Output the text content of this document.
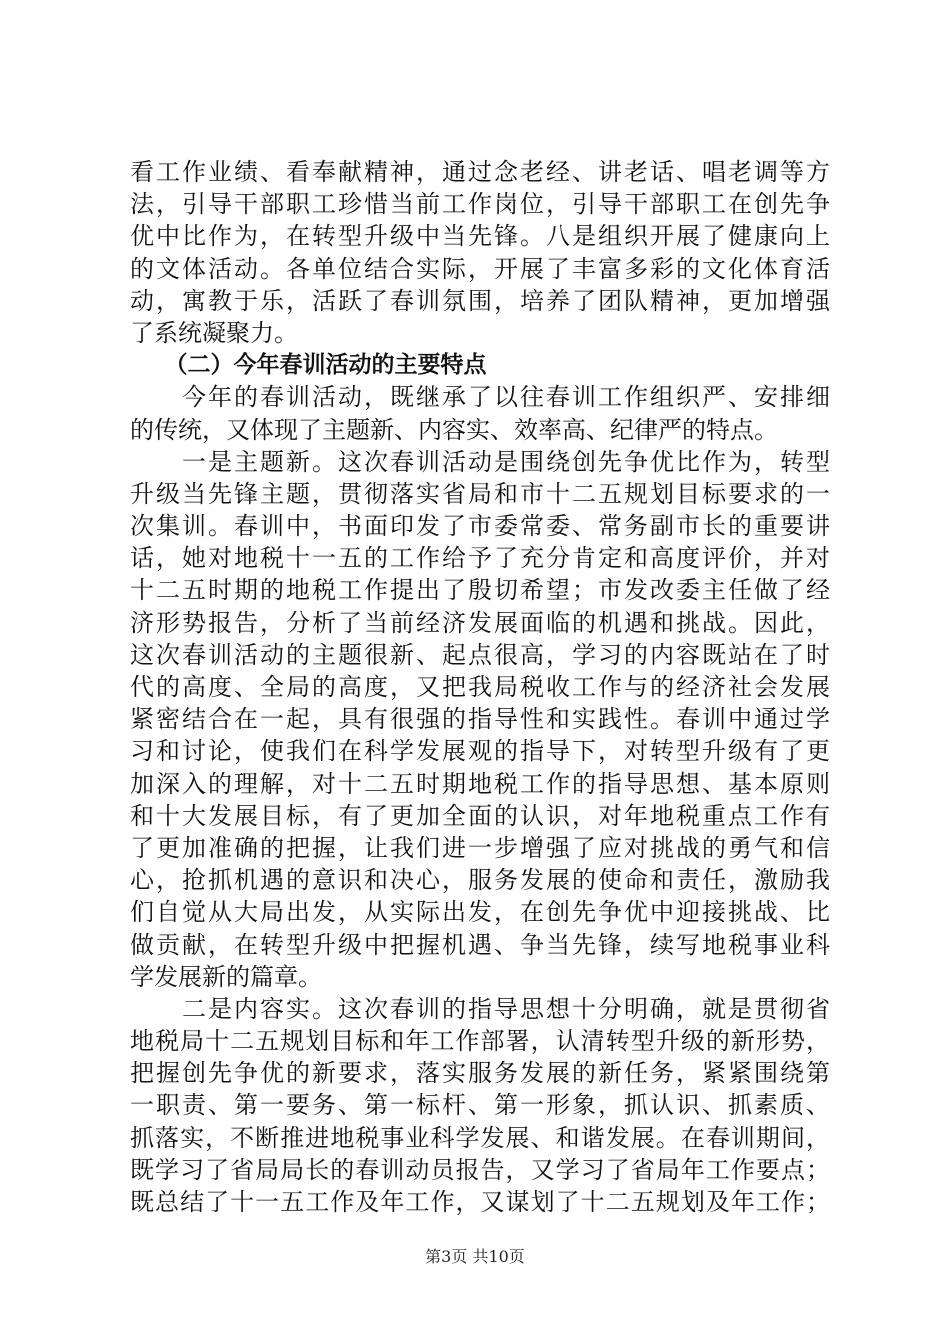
看工作业绩、看奉献精神，通过念老经、讲老话、唱老调等方
法，引导干部职工珍惜当前工作岗位，引导干部职工在创先争
优中比作为，在转型升级中当先锋。八是组织开展了健康向上
的文体活动。各单位结合实际，开展了丰富多彩的文化体育活
动，寓教于乐，活跃了春训氛围，培养了团队精神，更加增强
了系统凝聚力。
　　（二）今年春训活动的主要特点
　　今年的春训活动，既继承了以往春训工作组织严、安排细
的传统，又体现了主题新、内容实、效率高、纪律严的特点。
　　一是主题新。这次春训活动是围绕创先争优比作为，转型
升级当先锋主题，贯彻落实省局和市十二五规划目标要求的一
次集训。春训中，书面印发了市委常委、常务副市长的重要讲
话，她对地税十一五的工作给予了充分肯定和高度评价，并对
十二五时期的地税工作提出了殷切希望；市发改委主任做了经
济形势报告，分析了当前经济发展面临的机遇和挑战。因此，
这次春训活动的主题很新、起点很高，学习的内容既站在了时
代的高度、全局的高度，又把我局税收工作与的经济社会发展
紧密结合在一起，具有很强的指导性和实践性。春训中通过学
习和讨论，使我们在科学发展观的指导下，对转型升级有了更
加深入的理解，对十二五时期地税工作的指导思想、基本原则
和十大发展目标，有了更加全面的认识，对年地税重点工作有
了更加准确的把握，让我们进一步增强了应对挑战的勇气和信
心，抢抓机遇的意识和决心，服务发展的使命和责任，激励我
们自觉从大局出发，从实际出发，在创先争优中迎接挑战、比
做贡献，在转型升级中把握机遇、争当先锋，续写地税事业科
学发展新的篇章。
　　二是内容实。这次春训的指导思想十分明确，就是贯彻省
地税局十二五规划目标和年工作部署，认清转型升级的新形势，
把握创先争优的新要求，落实服务发展的新任务，紧紧围绕第
一职责、第一要务、第一标杆、第一形象，抓认识、抓素质、
抓落实，不断推进地税事业科学发展、和谐发展。在春训期间，
既学习了省局局长的春训动员报告，又学习了省局年工作要点；
既总结了十一五工作及年工作，又谋划了十二五规划及年工作；
第3页 共10页
